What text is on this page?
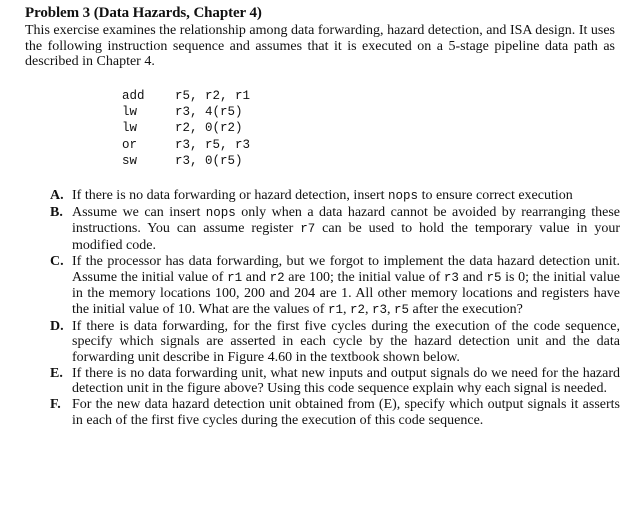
Problem 3 (Data Hazards, Chapter 4)
This exercise examines the relationship among data forwarding, hazard detection, and ISA design. It uses the following instruction sequence and assumes that it is executed on a 5-stage pipeline data path as described in Chapter 4.
add	r5, r2, r1
lw	r3, 4(r5)
lw	r2, 0(r2)
or	r3, r5, r3
sw	r3, 0(r5)
A. If there is no data forwarding or hazard detection, insert nops to ensure correct execution
B. Assume we can insert nops only when a data hazard cannot be avoided by rearranging these instructions. You can assume register r7 can be used to hold the temporary value in your modified code.
C. If the processor has data forwarding, but we forgot to implement the data hazard detection unit. Assume the initial value of r1 and r2 are 100; the initial value of r3 and r5 is 0; the initial value in the memory locations 100, 200 and 204 are 1. All other memory locations and registers have the initial value of 10. What are the values of r1, r2, r3, r5 after the execution?
D. If there is data forwarding, for the first five cycles during the execution of the code sequence, specify which signals are asserted in each cycle by the hazard detection unit and the data forwarding unit describe in Figure 4.60 in the textbook shown below.
E. If there is no data forwarding unit, what new inputs and output signals do we need for the hazard detection unit in the figure above? Using this code sequence explain why each signal is needed.
F. For the new data hazard detection unit obtained from (E), specify which output signals it asserts in each of the first five cycles during the execution of this code sequence.
